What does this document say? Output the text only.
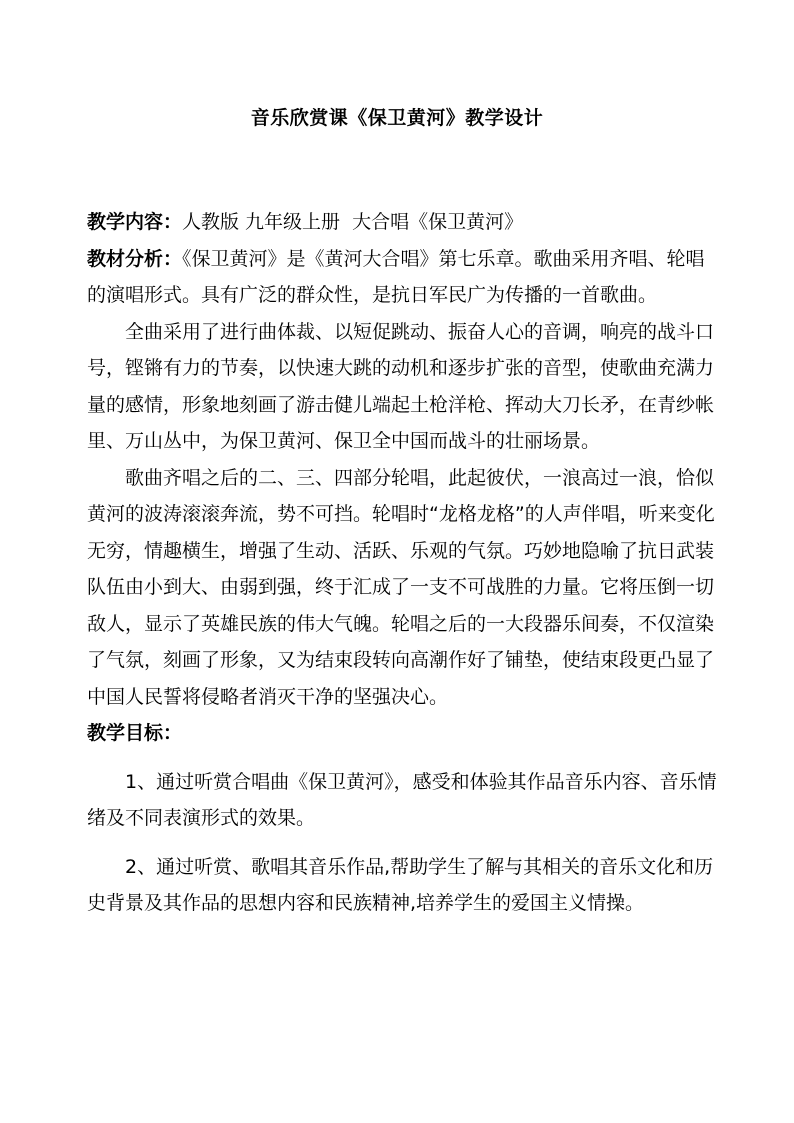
音乐欣赏课《保卫黄河》教学设计

教学内容：人教版 九年级上册  大合唱《保卫黄河》

教材分析：《保卫黄河》是《黄河大合唱》第七乐章。歌曲采用齐唱、轮唱的演唱形式。具有广泛的群众性，是抗日军民广为传播的一首歌曲。

全曲采用了进行曲体裁、以短促跳动、振奋人心的音调，响亮的战斗口号，铿锵有力的节奏，以快速大跳的动机和逐步扩张的音型，使歌曲充满力量的感情，形象地刻画了游击健儿端起土枪洋枪、挥动大刀长矛，在青纱帐里、万山丛中，为保卫黄河、保卫全中国而战斗的壮丽场景。

歌曲齐唱之后的二、三、四部分轮唱，此起彼伏，一浪高过一浪，恰似黄河的波涛滚滚奔流，势不可挡。轮唱时“龙格龙格”的人声伴唱，听来变化无穷，情趣横生，增强了生动、活跃、乐观的气氛。巧妙地隐喻了抗日武装队伍由小到大、由弱到强，终于汇成了一支不可战胜的力量。它将压倒一切敌人，显示了英雄民族的伟大气魄。轮唱之后的一大段器乐间奏，不仅渲染了气氛，刻画了形象，又为结束段转向高潮作好了铺垫，使结束段更凸显了中国人民誓将侵略者消灭干净的坚强决心。

教学目标：

1、通过听赏合唱曲《保卫黄河》，感受和体验其作品音乐内容、音乐情绪及不同表演形式的效果。

2、通过听赏、歌唱其音乐作品,帮助学生了解与其相关的音乐文化和历史背景及其作品的思想内容和民族精神,培养学生的爱国主义情操。
